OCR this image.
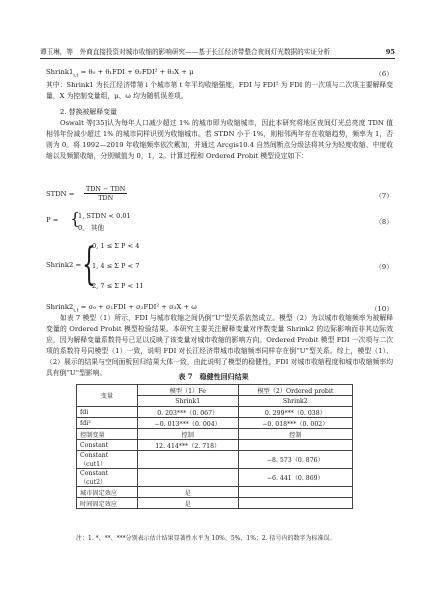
谭玉琳，等　外商直接投资对城市收缩的影响研究——基于长江经济带整合夜间灯光数据的实证分析	95
$Shrink1_{i,t} = \theta_0 + \theta_1FDI + \theta_2FDI^2 + \theta_3X + \mu$	（6）
其中：Shrink1 为长江经济带第 i 个城市第 t 年平均收缩强度，FDI 与 FDI² 为 FDI 的一次项与二次项主要解释变量，X 为控制变量组，μ、ω 均为随机误差项。
2. 替换被解释变量
Oswalt 等[35]认为每年人口减少超过 1% 的城市即为收缩城市，因此本研究将地区夜间灯光总亮度 TDN 值相邻年份减少超过 1% 的城市同样识别为收缩城市。若 STDN 小于 1%，则相邻两年存在收缩趋势，频率为 1，否则为 0。将 1992—2019 年收缩频率依次累加，并通过 Arcgis10.4 自然间断点分级法将其分为轻度收缩、中度收缩以及频繁收缩，分别赋值为 0，1，2。计算过程和 Ordered Probit 模型设定如下：
STDN =
TDN − TDN
TDN	（7）
P = {
1, STDN < 0.01
0,　其他
（8）
Shrink2 = {
0, 1 ≤ Σ P < 4
1, 4 ≤ Σ P < 7
2, 7 ≤ Σ P < 11
（9）
$Shrink2_{i,t} = \sigma_0 + \sigma_1FDI + \sigma_2FDI^2 + \sigma_3X + \omega$	（10）
如表 7 模型（1）所示，FDI 与城市收缩之间仍倒“U”型关系依然成立。模型（2）为以城市收缩频率为被解释变量的 Ordered Probit 模型检验结果。本研究主要关注解释变量对序数变量 Shrink2 的边际影响而非其边际效应，因为解释变量系数符号已足以反映了该变量对城市收缩的影响方向。Ordered Probit 模型 FDI 一次项与二次项的系数符号同模型（1）一致，说明 FDI 对长江经济带城市收缩频率同样存在倒“U”型关系。综上，模型（1）、（2）展示的结果与空间面板回归结果大体一致，由此说明了模型的稳健性，FDI 对城市收缩程度和城市收缩频率均具有倒“U”型影响。	表 7　稳健性回归结果
变量	模型（1）Fe	模型（2）Ordered probit
	Shrink1	Shrink2
fdi	0. 203***（0. 067）	0. 299***（0. 038）
fdi²	−0. 013***（0. 004）	−0. 018***（0. 002）
控制变量	控制	控制
Constant	12. 414***（2. 718）	
Constant
（cut1）		−8. 573（0. 876）
Constant
（cut2）		−6. 441（0. 869）
城市固定效应	是	
时间固定效应	是	
注：1. *、**、***分别表示估计结果显著性水平为 10%、5%、1%；2. 括号内的数字为标准误。
